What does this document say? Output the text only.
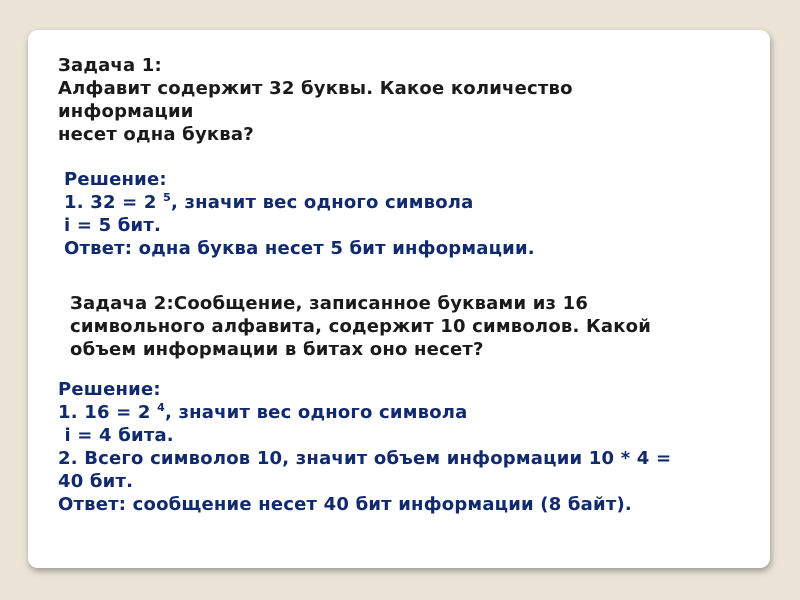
Задача 1:
Алфавит содержит 32 буквы. Какое количество
информации
несет одна буква?
Решение:
1. 32 = 2 $^5$, значит вес одного символа
i = 5 бит.
Ответ: одна буква несет 5 бит информации.
Задача 2:Сообщение, записанное буквами из 16
символьного алфавита, содержит 10 символов. Какой
объем информации в битах оно несет?
Решение:
1. 16 = 2 $^4$, значит вес одного символа
i = 4 бита.
2. Всего символов 10, значит объем информации 10 * 4 =
40 бит.
Ответ: сообщение несет 40 бит информации (8 байт).
